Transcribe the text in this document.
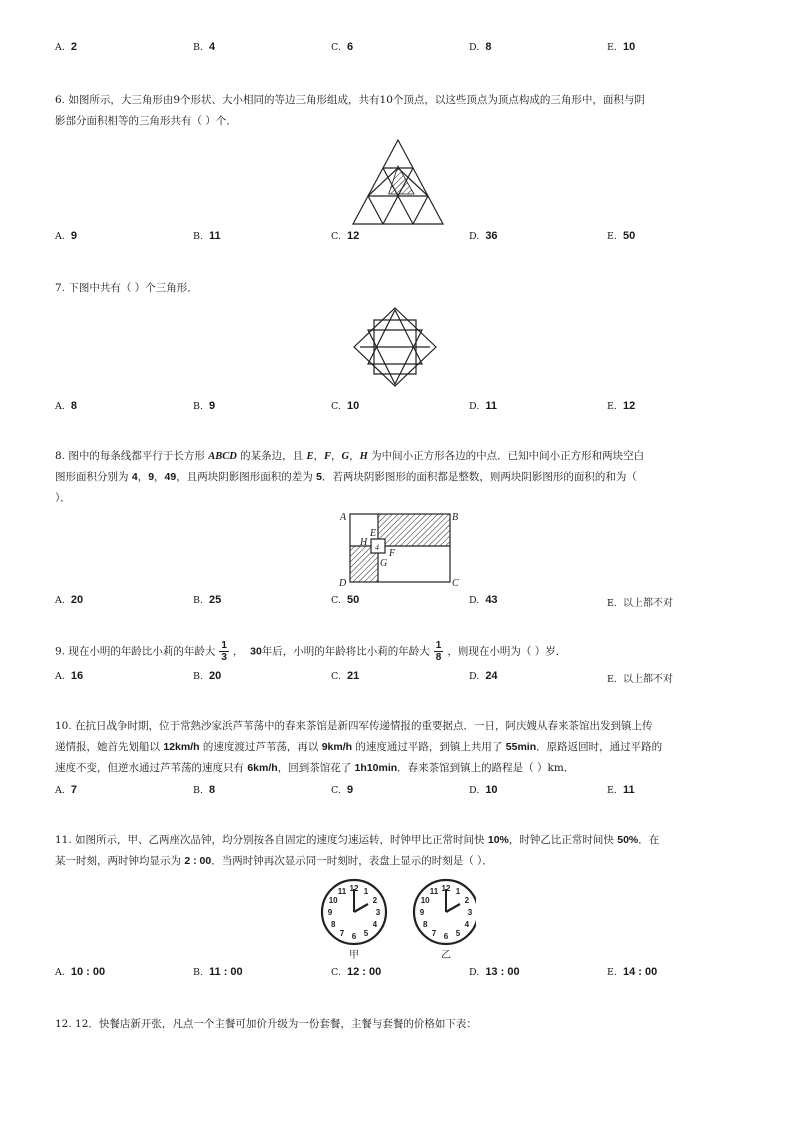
A. 2	B. 4	C. 6	D. 8	E. 10
6. 如图所示，大三角形由9个形状、大小相同的等边三角形组成，共有10个顶点，以这些顶点为顶点构成的三角形中，面积与阴
影部分面积相等的三角形共有（ ）个．
A. 9	B. 11	C. 12	D. 36	E. 50
7. 下图中共有（ ）个三角形．
A. 8	B. 9	C. 10	D. 11	E. 12
8. 图中的每条线都平行于长方形 ABCD 的某条边，且 E，F，G，H 为中间小正方形各边的中点．已知中间小正方形和两块空白
图形面积分别为 4，9，49，且两块阴影图形面积的差为 5．若两块阴影图形的面积都是整数，则两块阴影图形的面积的和为（
）．
A	B
C
D
E
F
G
H 4
A. 20	B. 25	C. 50	D. 43	E. 以上都不对
9. 现在小明的年龄比小莉的年龄大 $\frac{1}{3}$ ， 30年后，小明的年龄将比小莉的年龄大 $\frac{1}{8}$ ，则现在小明为（ ）岁．
A. 16	B. 20	C. 21	D. 24	E. 以上都不对
10. 在抗日战争时期，位于常熟沙家浜芦苇荡中的春来茶馆是新四军传递情报的重要据点．一日，阿庆嫂从春来茶馆出发到镇上传
递情报，她首先划船以 12km/h 的速度渡过芦苇荡，再以 9km/h 的速度通过平路，到镇上共用了 55min．原路返回时，通过平路的
速度不变，但逆水通过芦苇荡的速度只有 6km/h，回到茶馆花了 1h10min．春来茶馆到镇上的路程是（ ）km．
A. 7	B. 8	C. 9	D. 10	E. 11
11. 如图所示，甲、乙两座次品钟，均分别按各自固定的速度匀速运转，时钟甲比正常时间快 10%，时钟乙比正常时间快 50%．在
某一时刻，两时钟均显示为 2 : 00．当两时钟再次显示同一时刻时，表盘上显示的时刻是（ ）．
12 1
2
3
4
5
6
7
8
9
10
11
甲
12 1
2
3
4
5
6
7
8
9
10
11
乙
A. 10 : 00	B. 11 : 00	C. 12 : 00	D. 13 : 00	E. 14 : 00
12. 12．快餐店新开张，凡点一个主餐可加价升级为一份套餐，主餐与套餐的价格如下表：
